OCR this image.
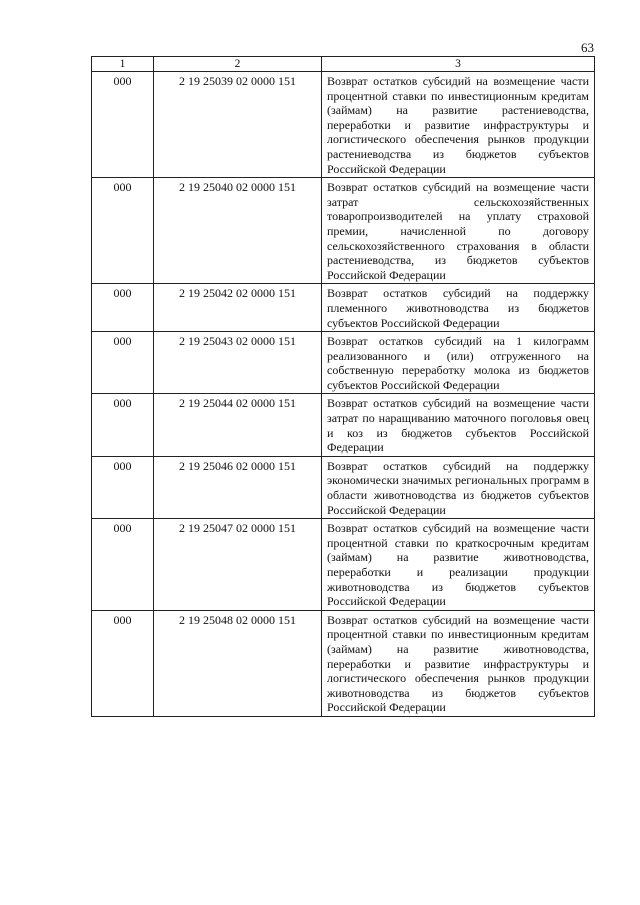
63
1	2	3
000	2 19 25039 02 0000 151	Возврат остатков субсидий на возмещение части процентной ставки по инвестиционным кредитам (займам) на развитие растениеводства, переработки и развитие инфраструктуры и логистического обеспечения рынков продукции растениеводства из бюджетов субъектов Российской Федерации
000	2 19 25040 02 0000 151	Возврат остатков субсидий на возмещение части затрат сельскохозяйственных товаропроизводителей на уплату страховой премии, начисленной по договору сельскохозяйственного страхования в области растениеводства, из бюджетов субъектов Российской Федерации
000	2 19 25042 02 0000 151	Возврат остатков субсидий на поддержку племенного животноводства из бюджетов субъектов Российской Федерации
000	2 19 25043 02 0000 151	Возврат остатков субсидий на 1 килограмм реализованного и (или) отгруженного на собственную переработку молока из бюджетов субъектов Российской Федерации
000	2 19 25044 02 0000 151	Возврат остатков субсидий на возмещение части затрат по наращиванию маточного поголовья овец и коз из бюджетов субъектов Российской Федерации
000	2 19 25046 02 0000 151	Возврат остатков субсидий на поддержку экономически значимых региональных программ в области животноводства из бюджетов субъектов Российской Федерации
000	2 19 25047 02 0000 151	Возврат остатков субсидий на возмещение части процентной ставки по краткосрочным кредитам (займам) на развитие животноводства, переработки и реализации продукции животноводства из бюджетов субъектов Российской Федерации
000	2 19 25048 02 0000 151	Возврат остатков субсидий на возмещение части процентной ставки по инвестиционным кредитам (займам) на развитие животноводства, переработки и развитие инфраструктуры и логистического обеспечения рынков продукции животноводства из бюджетов субъектов Российской Федерации
